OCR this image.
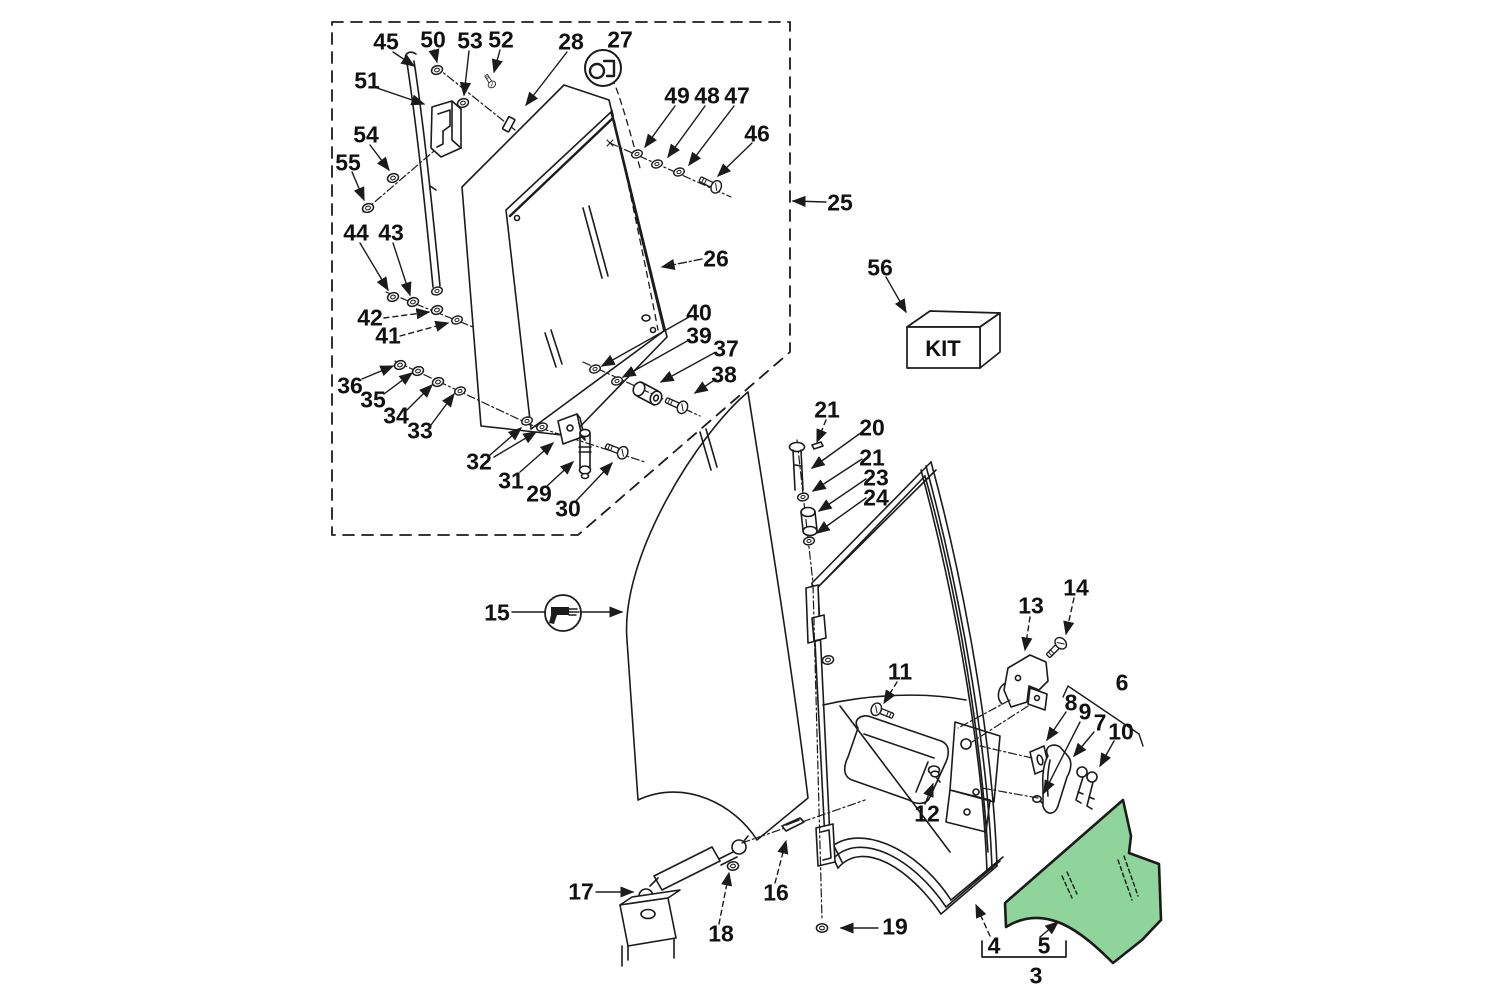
KIT
45 50 53 52 28 27
49 48 47
46
51
54
55
44 43
42
41
36
35
34
33
32
31 29
30
40
39 37
38
25
26	56
21
20
21
23
24
15	13
14
11	6
8 9 7 10
12
17
18
16
19
4 5
3
